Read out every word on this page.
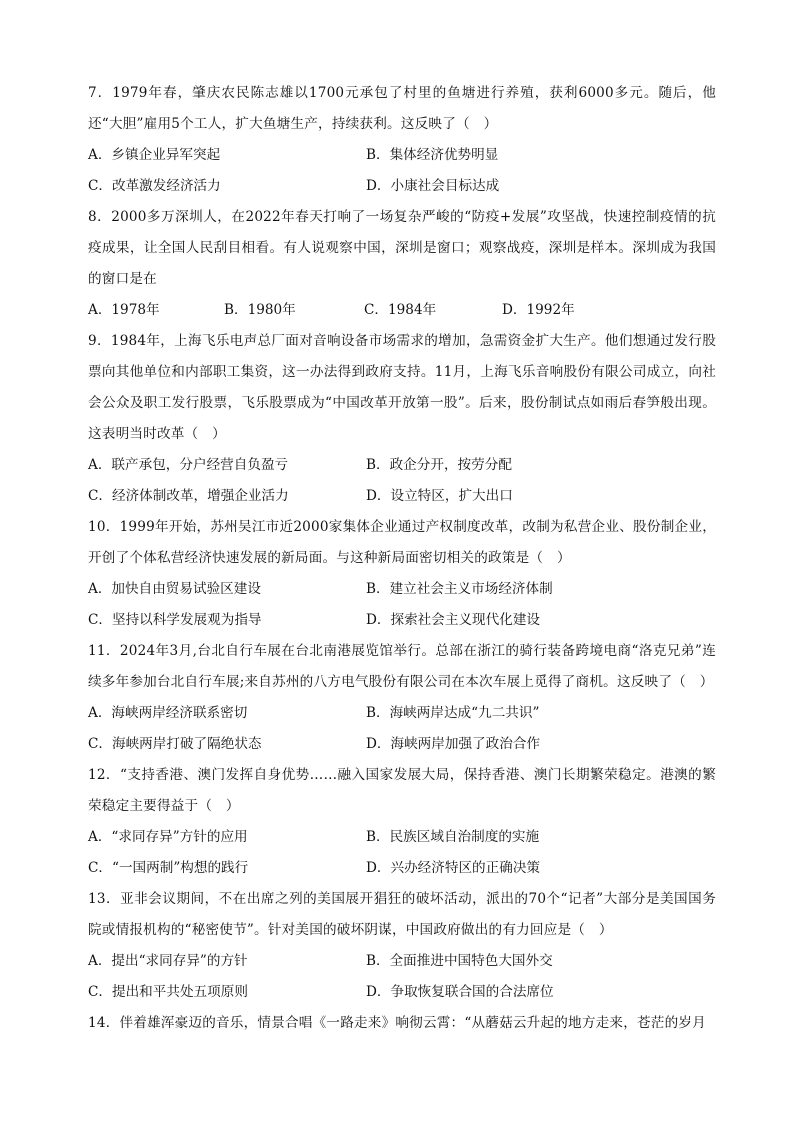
7．1979年春，肇庆农民陈志雄以1700元承包了村里的鱼塘进行养殖，获利6000多元。随后，他还“大胆”雇用5个工人，扩大鱼塘生产，持续获利。这反映了（　）
A．乡镇企业异军突起	B．集体经济优势明显
C．改革激发经济活力	D．小康社会目标达成
8．2000多万深圳人，在2022年春天打响了一场复杂严峻的“防疫+发展”攻坚战，快速控制疫情的抗疫成果，让全国人民刮目相看。有人说观察中国，深圳是窗口；观察战疫，深圳是样本。深圳成为我国的窗口是在
A．1978年	B．1980年	C．1984年	D．1992年
9．1984年，上海飞乐电声总厂面对音响设备市场需求的增加，急需资金扩大生产。他们想通过发行股票向其他单位和内部职工集资，这一办法得到政府支持。11月，上海飞乐音响股份有限公司成立，向社会公众及职工发行股票，飞乐股票成为“中国改革开放第一股”。后来，股份制试点如雨后春笋般出现。这表明当时改革（　）
A．联产承包，分户经营自负盈亏	B．政企分开，按劳分配
C．经济体制改革，增强企业活力	D．设立特区，扩大出口
10．1999年开始，苏州吴江市近2000家集体企业通过产权制度改革，改制为私营企业、股份制企业，开创了个体私营经济快速发展的新局面。与这种新局面密切相关的政策是（　）
A．加快自由贸易试验区建设	B．建立社会主义市场经济体制
C．坚持以科学发展观为指导	D．探索社会主义现代化建设
11．2024年3月,台北自行车展在台北南港展览馆举行。总部在浙江的骑行装备跨境电商“洛克兄弟”连续多年参加台北自行车展;来自苏州的八方电气股份有限公司在本次车展上觅得了商机。这反映了（　）
A．海峡两岸经济联系密切	B．海峡两岸达成“九二共识”
C．海峡两岸打破了隔绝状态	D．海峡两岸加强了政治合作
12．“支持香港、澳门发挥自身优势……融入国家发展大局，保持香港、澳门长期繁荣稳定。港澳的繁荣稳定主要得益于（　）
A．“求同存异”方针的应用	B．民族区域自治制度的实施
C．“一国两制”构想的践行	D．兴办经济特区的正确决策
13．亚非会议期间，不在出席之列的美国展开猖狂的破坏活动，派出的70个“记者”大部分是美国国务院或情报机构的“秘密使节”。针对美国的破坏阴谋，中国政府做出的有力回应是（　）
A．提出“求同存异”的方针	B．全面推进中国特色大国外交
C．提出和平共处五项原则	D．争取恢复联合国的合法席位
14．伴着雄浑豪迈的音乐，情景合唱《一路走来》响彻云霄：“从蘑菇云升起的地方走来，苍茫的岁月
